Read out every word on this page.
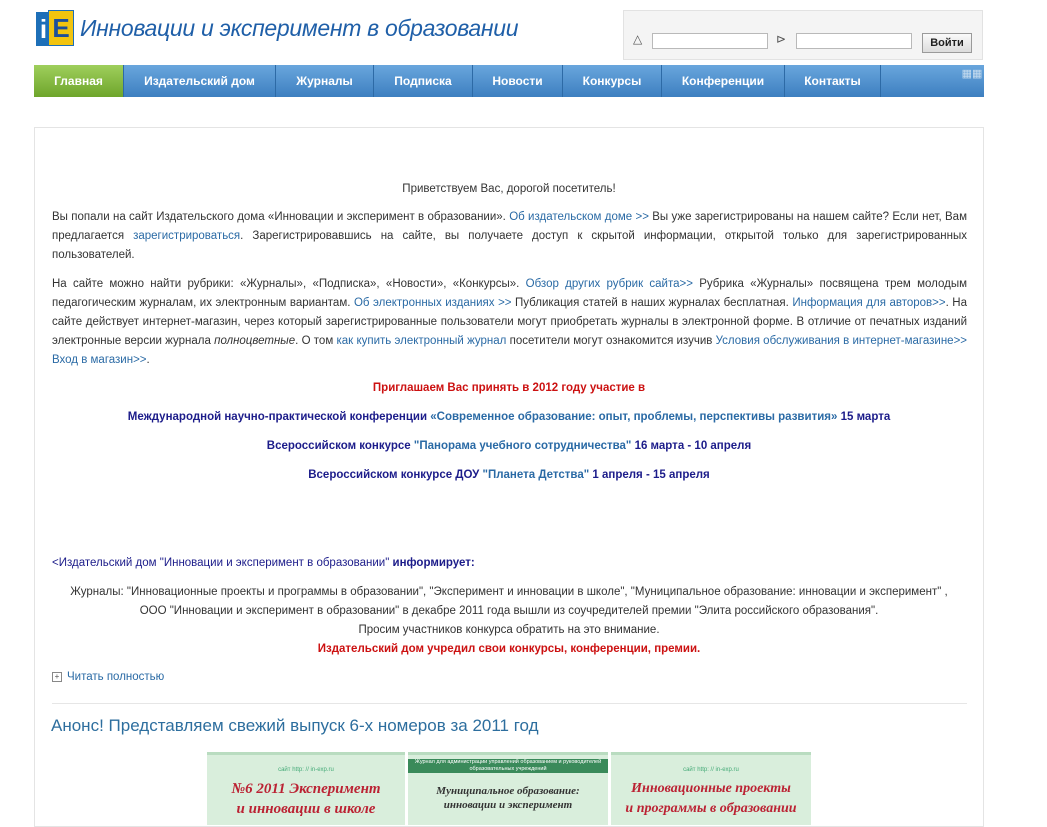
i E Инновации и эксперимент в образовании	△	⊳	Войти
Главная	Издательский дом	Журналы	Подписка	Новости	Конкурсы	Конференции	Контакты	▦▦
Приветствуем Вас, дорогой посетитель!
Вы попали на сайт Издательского дома «Инновации и эксперимент в образовании». Об издательском доме >> Вы уже зарегистрированы на нашем сайте? Если нет, Вам предлагается зарегистрироваться. Зарегистрировавшись на сайте, вы получаете доступ к скрытой информации, открытой только для зарегистрированных пользователей.
На сайте можно найти рубрики: «Журналы», «Подписка», «Новости», «Конкурсы». Обзор других рубрик сайта>> Рубрика «Журналы» посвящена трем молодым педагогическим журналам, их электронным вариантам. Об электронных изданиях >> Публикация статей в наших журналах бесплатная. Информация для авторов>>. На сайте действует интернет-магазин, через который зарегистрированные пользователи могут приобретать журналы в электронной форме. В отличие от печатных изданий электронные версии журнала полноцветные. О том как купить электронный журнал посетители могут ознакомится изучив Условия обслуживания в интернет-магазине>> Вход в магазин>>.
Приглашаем Вас принять в 2012 году участие в
Международной научно-практической конференции «Современное образование: опыт, проблемы, перспективы развития» 15 марта
Всероссийском конкурсе "Панорама учебного сотрудничества" 16 марта - 10 апреля
Всероссийском конкурсе ДОУ "Планета Детства" 1 апреля - 15 апреля
<Издательский дом "Инновации и эксперимент в образовании" информирует:
Журналы: "Инновационные проекты и программы в образовании", "Эксперимент и инновации в школе", "Муниципальное образование: инновации и эксперимент" , ООО "Инновации и эксперимент в образовании" в декабре 2011 года вышли из соучредителей премии "Элита российского образования".
Просим участников конкурса обратить на это внимание.
Издательский дом учредил свои конкурсы, конференции, премии.
+ Читать полностью
Анонс! Представляем свежий выпуск 6-х номеров за 2011 год
сайт http: // in-exp.ru
№6 2011 Эксперимент
и инновации в школе
Журнал для администрации управлений образованием и руководителей образовательных учреждений
Муниципальное образование:
инновации и эксперимент
сайт http: // in-exp.ru
Инновационные проекты
и программы в образовании
